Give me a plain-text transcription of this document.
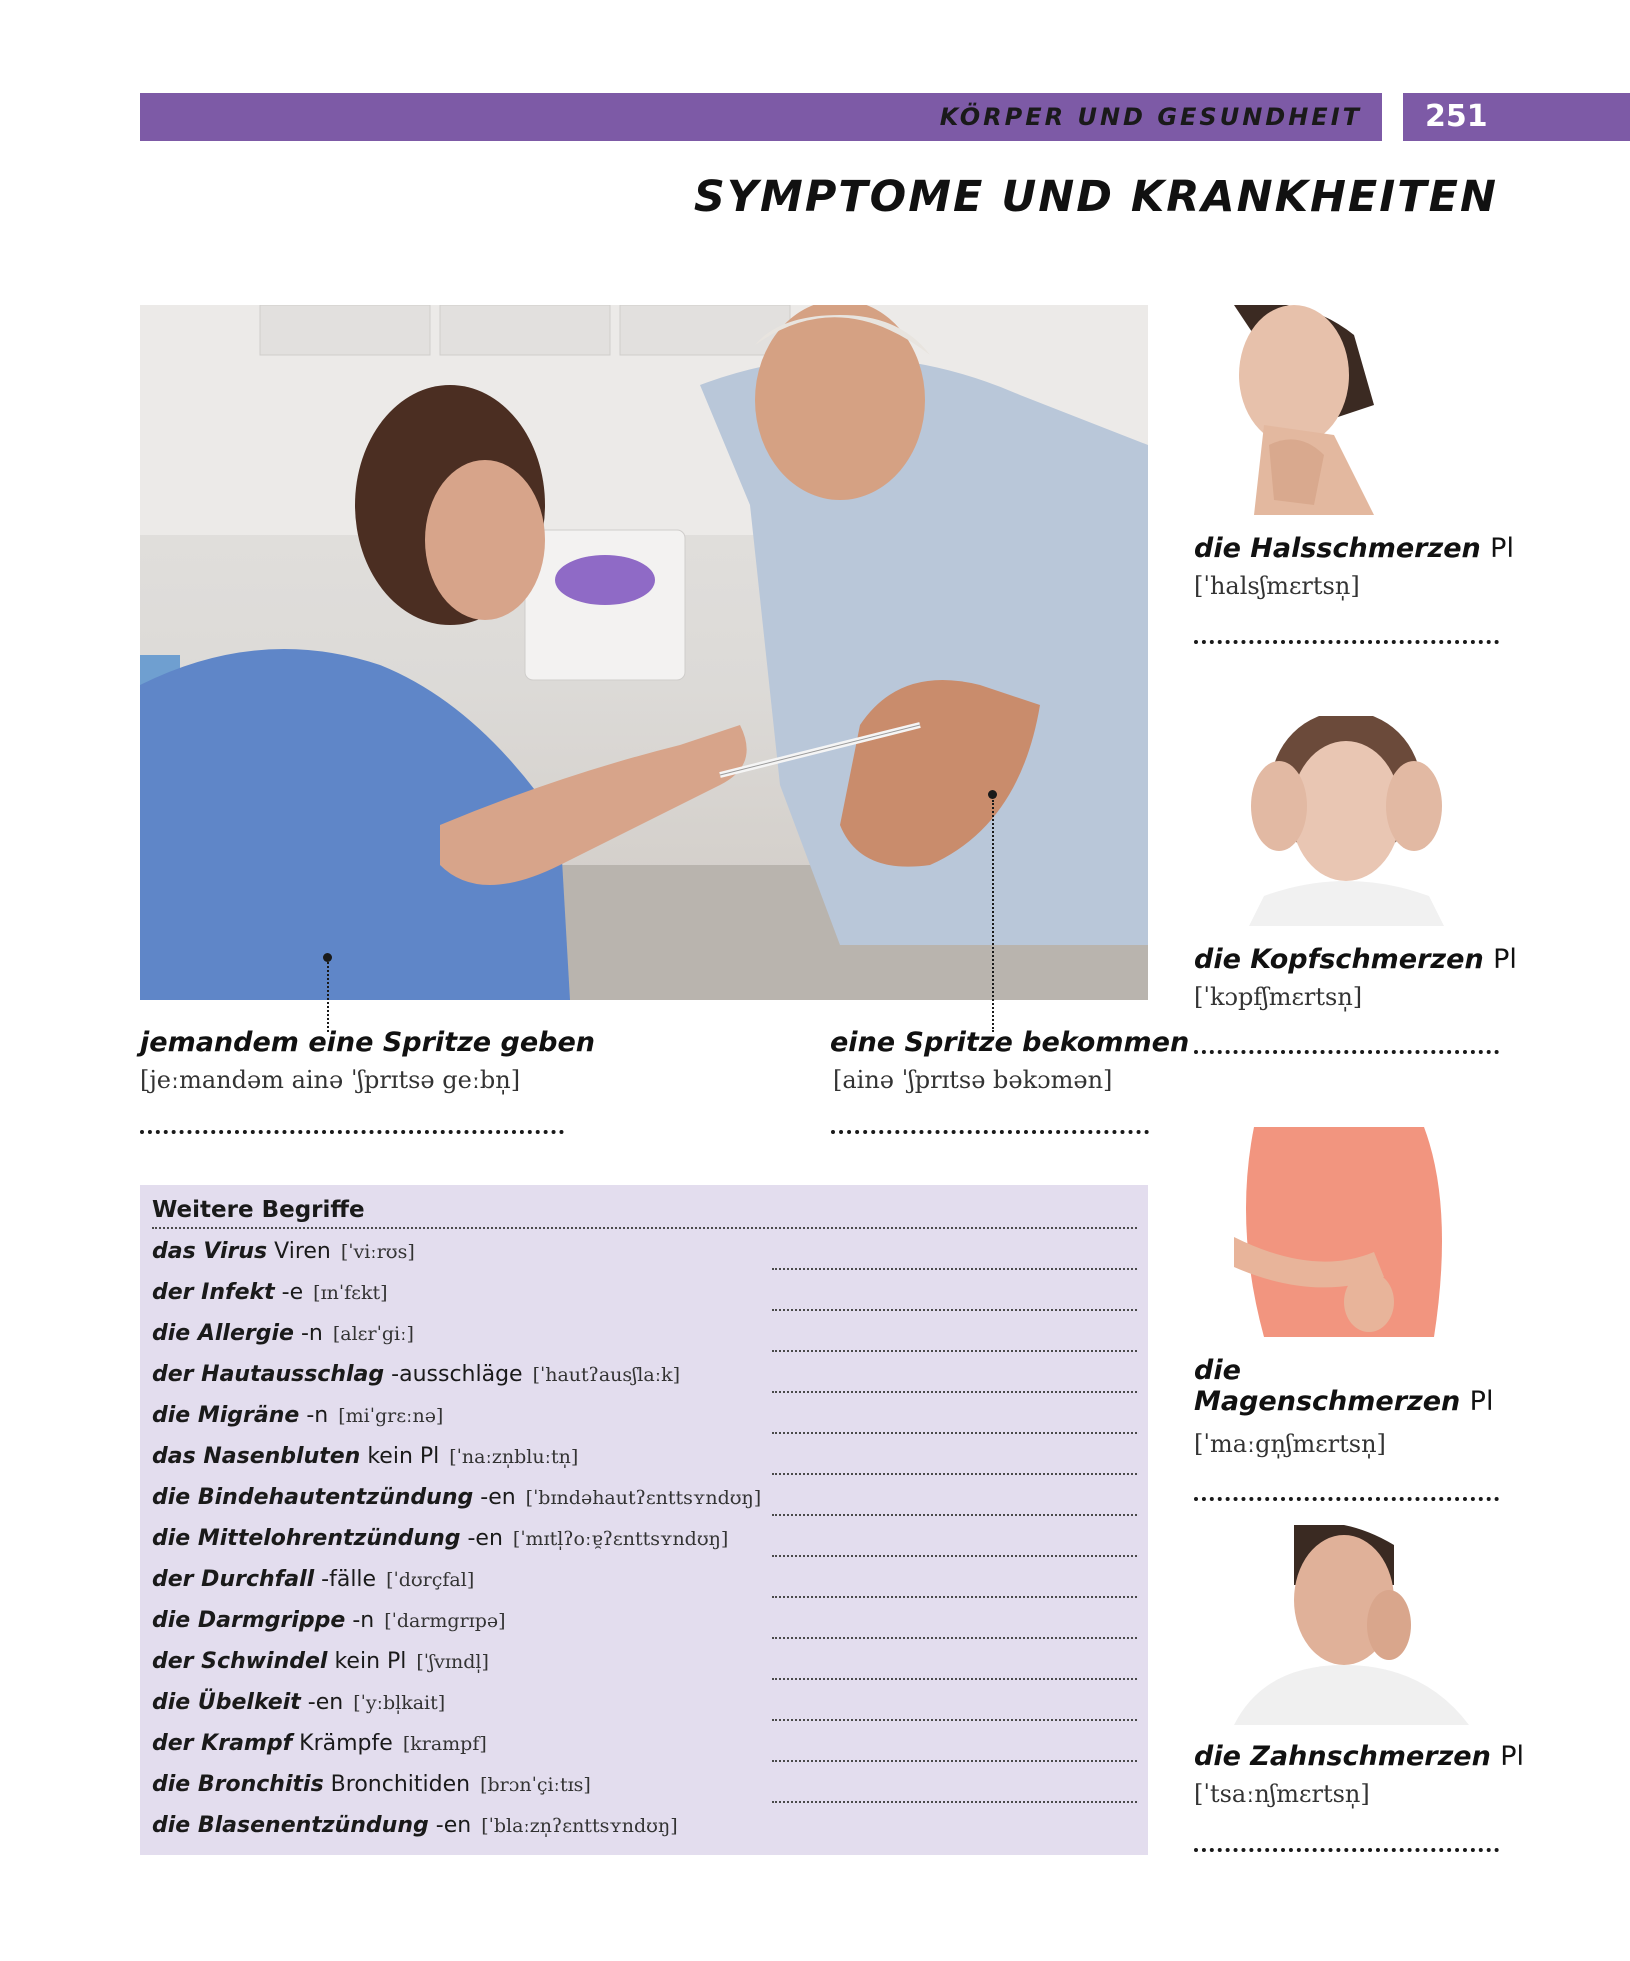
KÖRPER UND GESUNDHEIT 251
SYMPTOME UND KRANKHEITEN
jemandem eine Spritze geben
[jeːmandəm ainə ˈʃprɪtsə geːbn̩]
eine Spritze bekommen
[ainə ˈʃprɪtsə bəkɔmən]
Weitere Begriffe
das Virus Viren [ˈviːrʊs]
der Infekt -e [ɪnˈfɛkt]
die Allergie -n [alɛrˈgiː]
der Hautausschlag -ausschläge [ˈhautʔausʃlaːk]
die Migräne -n [miˈgrɛːnə]
das Nasenbluten kein Pl [ˈnaːzn̩bluːtn̩]
die Bindehautentzündung -en [ˈbɪndəhautʔɛnttsʏndʊŋ]
die Mittelohrentzündung -en [ˈmɪtl̩ʔoːɐ̯ʔɛnttsʏndʊŋ]
der Durchfall -fälle [ˈdʊrçfal]
die Darmgrippe -n [ˈdarmgrɪpə]
der Schwindel kein Pl [ˈʃvɪndl̩]
die Übelkeit -en [ˈyːbl̩kait]
der Krampf Krämpfe [krampf]
die Bronchitis Bronchitiden [brɔnˈçiːtɪs]
die Blasenentzündung -en [ˈblaːzn̩ʔɛnttsʏndʊŋ]
die Halsschmerzen Pl
[ˈhalsʃmɛrtsn̩]
die Kopfschmerzen Pl
[ˈkɔpfʃmɛrtsn̩]
die Magenschmerzen Pl
[ˈmaːgn̩ʃmɛrtsn̩]
die Zahnschmerzen Pl
[ˈtsaːnʃmɛrtsn̩]
